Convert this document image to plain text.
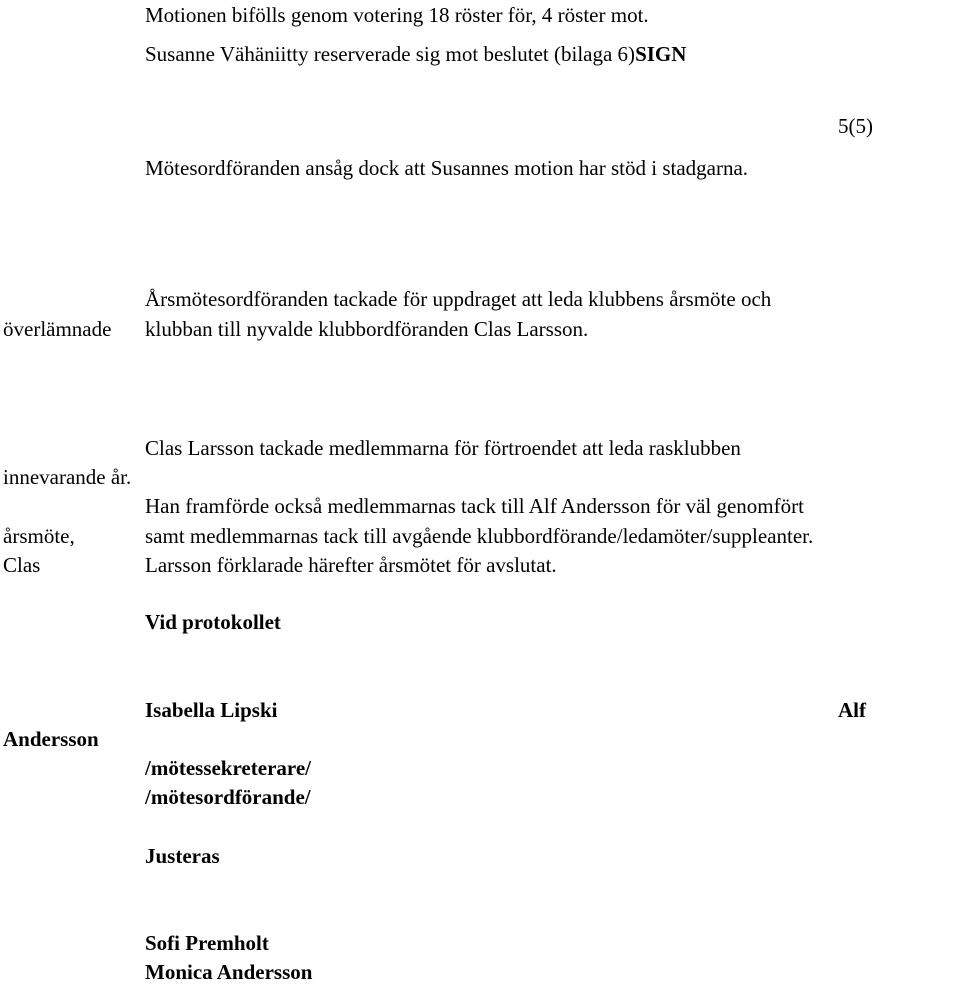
Motionen bifölls genom votering 18 röster för, 4 röster mot.
Susanne Vähäniitty reserverade sig mot beslutet (bilaga 6)SIGN
5(5)
Mötesordföranden ansåg dock att Susannes motion har stöd i stadgarna.
Årsmötesordföranden tackade för uppdraget att leda klubbens årsmöte och
överlämnade klubban till nyvalde klubbordföranden Clas Larsson.
Clas Larsson tackade medlemmarna för förtroendet att leda rasklubben
innevarande år.
Han framförde också medlemmarnas tack till Alf Andersson för väl genomfört
årsmöte,	samt medlemmarnas tack till avgående klubbordförande/ledamöter/suppleanter.
Clas	Larsson förklarade härefter årsmötet för avslutat.
Vid protokollet
Isabella Lipski	Alf
Andersson
/mötessekreterare/
/mötesordförande/
Justeras
Sofi Premholt
Monica Andersson
